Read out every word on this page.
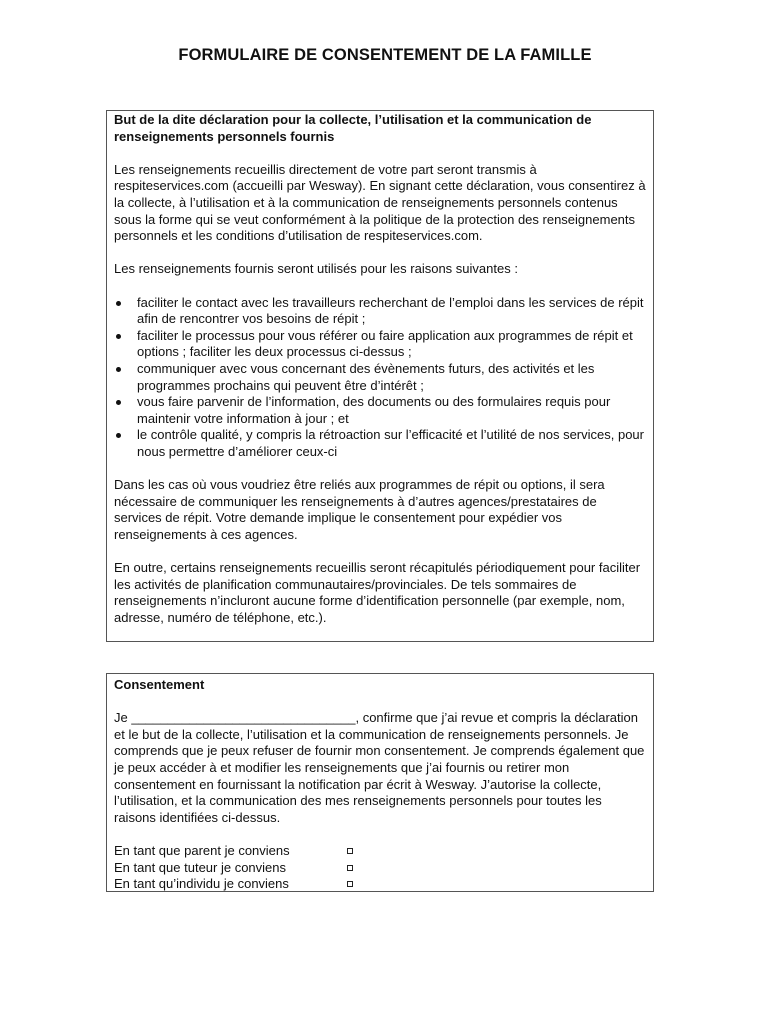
FORMULAIRE DE CONSENTEMENT DE LA FAMILLE

But de la dite déclaration pour la collecte, l’utilisation et la communication de renseignements personnels fournis

Les renseignements recueillis directement de votre part seront transmis à respiteservices.com (accueilli par Wesway). En signant cette déclaration, vous consentirez à la collecte, à l’utilisation et à la communication de renseignements personnels contenus sous la forme qui se veut conformément à la politique de la protection des renseignements personnels et les conditions d’utilisation de respiteservices.com.

Les renseignements fournis seront utilisés pour les raisons suivantes :

faciliter le contact avec les travailleurs recherchant de l’emploi dans les services de répit afin de rencontrer vos besoins de répit ;
faciliter le processus pour vous référer ou faire application aux programmes de répit et options ; faciliter les deux processus ci-dessus ;
communiquer avec vous concernant des évènements futurs, des activités et les programmes prochains qui peuvent être d’intérêt ;
vous faire parvenir de l’information, des documents ou des formulaires requis pour maintenir votre information à jour ; et
le contrôle qualité, y compris la rétroaction sur l’efficacité et l’utilité de nos services, pour nous permettre d’améliorer ceux-ci

Dans les cas où vous voudriez être reliés aux programmes de répit ou options, il sera nécessaire de communiquer les renseignements à d’autres agences/prestataires de services de répit. Votre demande implique le consentement pour expédier vos renseignements à ces agences.

En outre, certains renseignements recueillis seront récapitulés périodiquement pour faciliter les activités de planification communautaires/provinciales. De tels sommaires de renseignements n’incluront aucune forme d’identification personnelle (par exemple, nom, adresse, numéro de téléphone, etc.).

Consentement

Je _______________________________, confirme que j’ai revue et compris la déclaration et le but de la collecte, l’utilisation et la communication de renseignements personnels. Je comprends que je peux refuser de fournir mon consentement. Je comprends également que je peux accéder à et modifier les renseignements que j’ai fournis ou retirer mon consentement en fournissant la notification par écrit à Wesway. J’autorise la collecte, l’utilisation, et la communication des mes renseignements personnels pour toutes les raisons identifiées ci-dessus.

En tant que parent je conviens
En tant que tuteur je conviens
En tant qu’individu je conviens
